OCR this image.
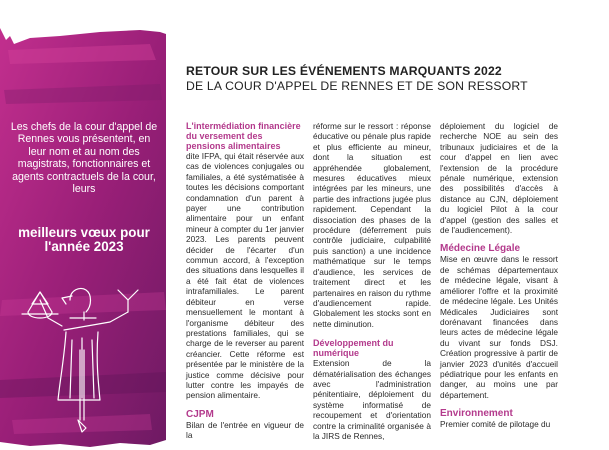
Les chefs de la cour d'appel de Rennes vous présentent, en leur nom et au nom des magistrats, fonctionnaires et agents contractuels de la cour, leurs
meilleurs vœux pour l'année 2023
RETOUR SUR LES ÉVÉNEMENTS MARQUANTS 2022
DE LA COUR D'APPEL DE RENNES ET DE SON RESSORT
L'intermédiation financière du versement des pensions alimentaires
dite IFPA, qui était réservée aux cas de violences conjugales ou familiales, a été systématisée à toutes les décisions comportant condamnation d'un parent à payer une contribution alimentaire pour un enfant mineur à compter du 1er janvier 2023. Les parents peuvent décider de l'écarter d'un commun accord, à l'exception des situations dans lesquelles il a été fait état de violences intrafamiliales. Le parent débiteur en verse mensuellement le montant à l'organisme débiteur des prestations familiales, qui se charge de le reverser au parent créancier. Cette réforme est présentée par le ministère de la justice comme décisive pour lutter contre les impayés de pension alimentaire.
CJPM
Bilan de l'entrée en vigueur de la
réforme sur le ressort : réponse éducative ou pénale plus rapide et plus efficiente au mineur, dont la situation est appréhendée globalement, mesures éducatives mieux intégrées par les mineurs, une partie des infractions jugée plus rapidement. Cependant la dissociation des phases de la procédure (déferrement puis contrôle judiciaire, culpabilité puis sanction) a une incidence mathématique sur le temps d'audience, les services de traitement direct et les partenaires en raison du rythme d'audiencement rapide. Globalement les stocks sont en nette diminution.
Développement du numérique
Extension de la dématérialisation des échanges avec l'administration pénitentiaire, déploiement du système informatisé de recoupement et d'orientation contre la criminalité organisée à la JIRS de Rennes,
déploiement du logiciel de recherche NOE au sein des tribunaux judiciaires et de la cour d'appel en lien avec l'extension de la procédure pénale numérique, extension des possibilités d'accès à distance au CJN, déploiement du logiciel Pilot à la cour d'appel (gestion des salles et de l'audiencement).
Médecine Légale
Mise en œuvre dans le ressort de schémas départementaux de médecine légale, visant à améliorer l'offre et la proximité de médecine légale. Les Unités Médicales Judiciaires sont dorénavant financées dans leurs actes de médecine légale du vivant sur fonds DSJ. Création progressive à partir de janvier 2023 d'unités d'accueil pédiatrique pour les enfants en danger, au moins une par département.
Environnement
Premier comité de pilotage du
